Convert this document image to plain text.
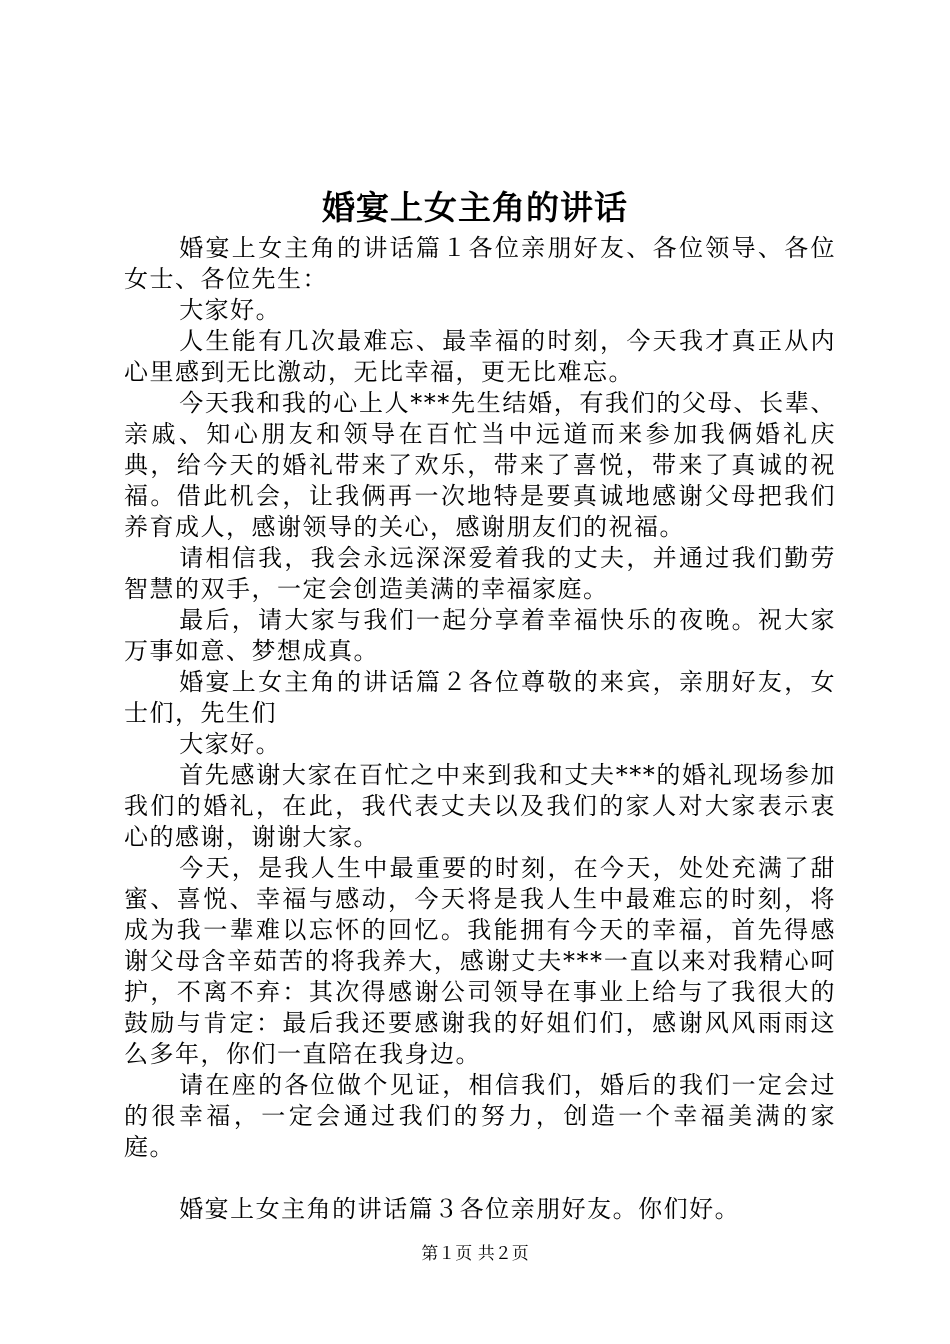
婚宴上女主角的讲话

婚宴上女主角的讲话篇１各位亲朋好友、各位领导、各位女士、各位先生：

大家好。

人生能有几次最难忘、最幸福的时刻，今天我才真正从内心里感到无比激动，无比幸福，更无比难忘。

今天我和我的心上人***先生结婚，有我们的父母、长辈、亲戚、知心朋友和领导在百忙当中远道而来参加我俩婚礼庆典，给今天的婚礼带来了欢乐，带来了喜悦，带来了真诚的祝福。借此机会，让我俩再一次地特是要真诚地感谢父母把我们养育成人，感谢领导的关心，感谢朋友们的祝福。

请相信我，我会永远深深爱着我的丈夫，并通过我们勤劳智慧的双手，一定会创造美满的幸福家庭。

最后，请大家与我们一起分享着幸福快乐的夜晚。祝大家万事如意、梦想成真。

婚宴上女主角的讲话篇２各位尊敬的来宾，亲朋好友，女士们，先生们

大家好。

首先感谢大家在百忙之中来到我和丈夫***的婚礼现场参加我们的婚礼，在此，我代表丈夫以及我们的家人对大家表示衷心的感谢，谢谢大家。

今天，是我人生中最重要的时刻，在今天，处处充满了甜蜜、喜悦、幸福与感动，今天将是我人生中最难忘的时刻，将成为我一辈难以忘怀的回忆。我能拥有今天的幸福，首先得感谢父母含辛茹苦的将我养大，感谢丈夫***一直以来对我精心呵护，不离不弃：其次得感谢公司领导在事业上给与了我很大的鼓励与肯定：最后我还要感谢我的好姐们们，感谢风风雨雨这么多年，你们一直陪在我身边。

请在座的各位做个见证，相信我们，婚后的我们一定会过的很幸福，一定会通过我们的努力，创造一个幸福美满的家庭。

婚宴上女主角的讲话篇３各位亲朋好友。你们好。

第１页 共２页
